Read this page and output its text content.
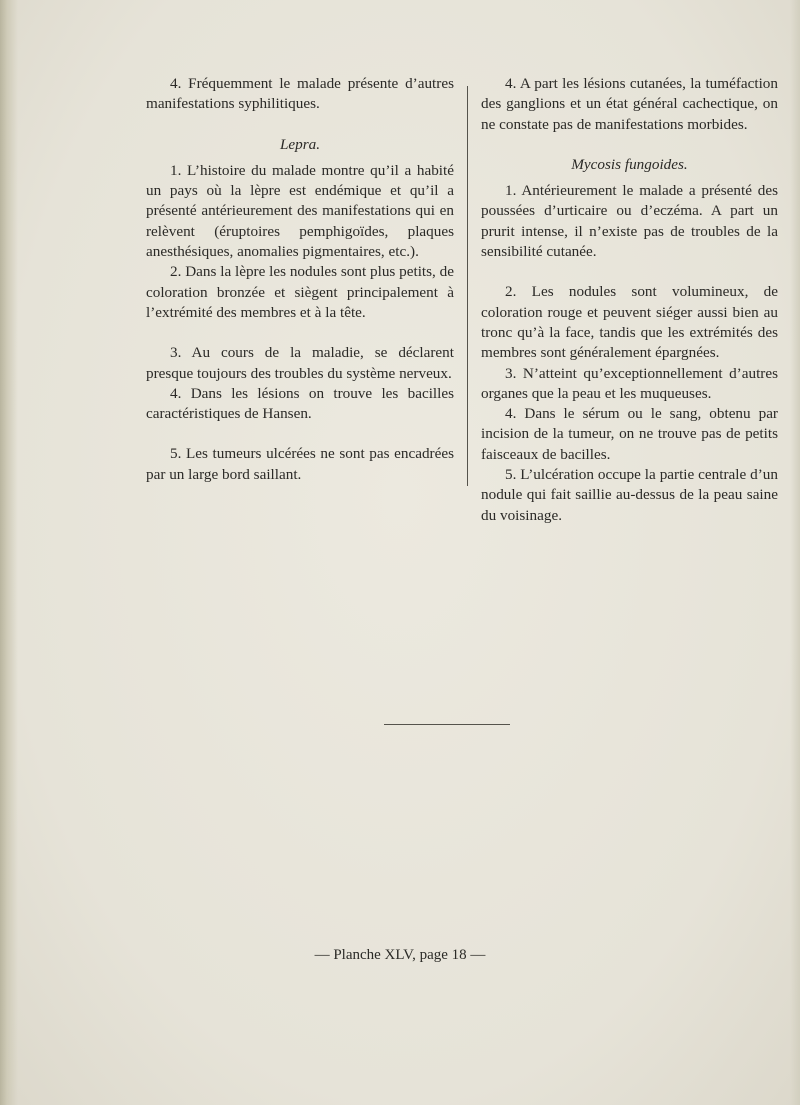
4. Fréquemment le malade présente d’autres manifestations syphilitiques.

Lepra.

1. L’histoire du malade montre qu’il a habité un pays où la lèpre est endémique et qu’il a présenté antérieurement des manifestations qui en relèvent (éruptoires pemphigoïdes, plaques anesthésiques, anomalies pigmentaires, etc.).

2. Dans la lèpre les nodules sont plus petits, de coloration bronzée et siègent principalement à l’extrémité des membres et à la tête.

3. Au cours de la maladie, se déclarent presque toujours des troubles du système nerveux.

4. Dans les lésions on trouve les bacilles caractéristiques de Hansen.

5. Les tumeurs ulcérées ne sont pas encadrées par un large bord saillant.

4. A part les lésions cutanées, la tuméfaction des ganglions et un état général cachectique, on ne constate pas de manifestations morbides.

Mycosis fungoides.

1. Antérieurement le malade a présenté des poussées d’urticaire ou d’eczéma. A part un prurit intense, il n’existe pas de troubles de la sensibilité cutanée.

2. Les nodules sont volumineux, de coloration rouge et peuvent siéger aussi bien au tronc qu’à la face, tandis que les extrémités des membres sont généralement épargnées.

3. N’atteint qu’exceptionnellement d’autres organes que la peau et les muqueuses.

4. Dans le sérum ou le sang, obtenu par incision de la tumeur, on ne trouve pas de petits faisceaux de bacilles.

5. L’ulcération occupe la partie centrale d’un nodule qui fait saillie au-dessus de la peau saine du voisinage.

— Planche XLV, page 18 —
